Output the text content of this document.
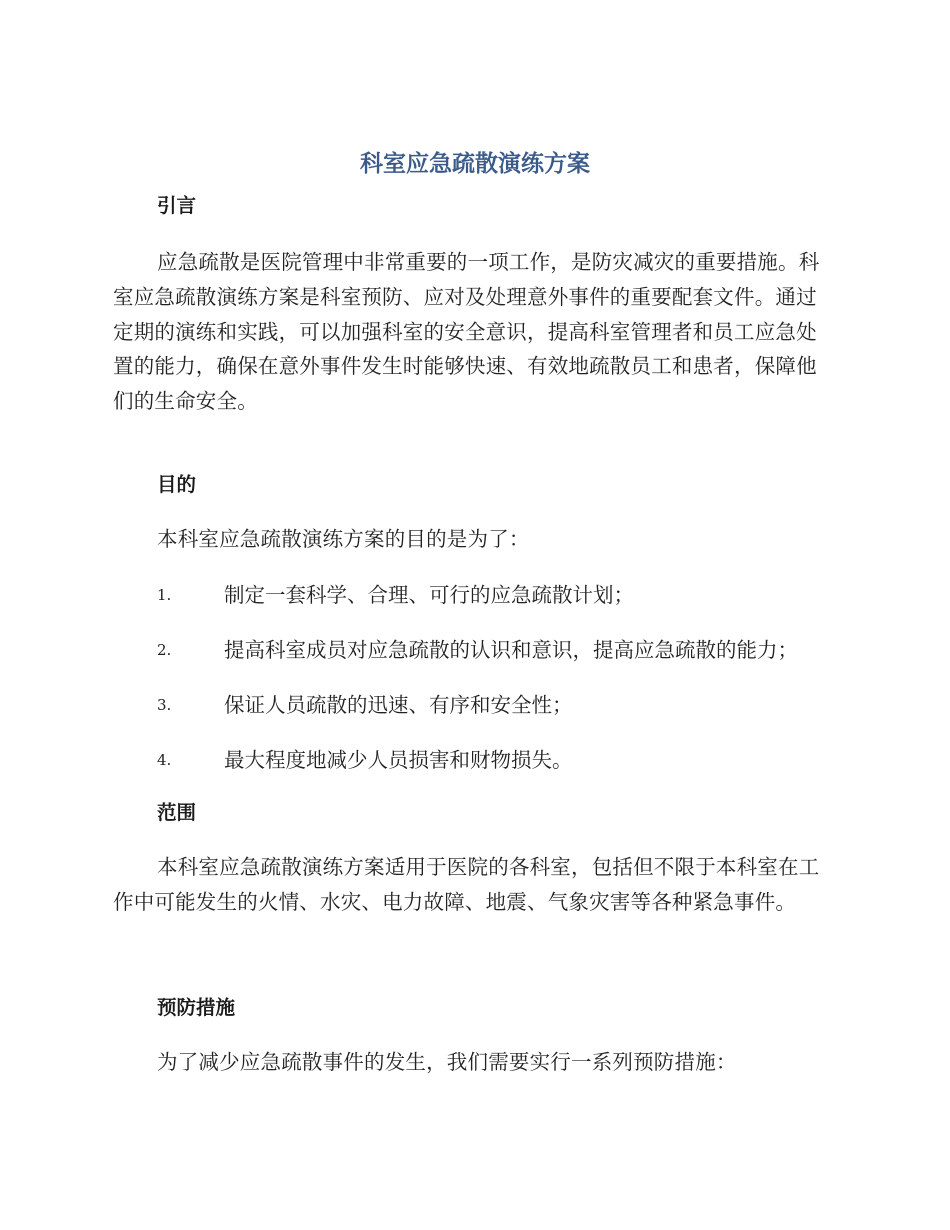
科室应急疏散演练方案
引言
应急疏散是医院管理中非常重要的一项工作，是防灾减灾的重要措施。科室应急疏散演练方案是科室预防、应对及处理意外事件的重要配套文件。通过定期的演练和实践，可以加强科室的安全意识，提高科室管理者和员工应急处置的能力，确保在意外事件发生时能够快速、有效地疏散员工和患者，保障他们的生命安全。
目的
本科室应急疏散演练方案的目的是为了：
1.	制定一套科学、合理、可行的应急疏散计划；
2.	提高科室成员对应急疏散的认识和意识，提高应急疏散的能力；
3.	保证人员疏散的迅速、有序和安全性；
4.	最大程度地减少人员损害和财物损失。
范围
本科室应急疏散演练方案适用于医院的各科室，包括但不限于本科室在工作中可能发生的火情、水灾、电力故障、地震、气象灾害等各种紧急事件。
预防措施
为了减少应急疏散事件的发生，我们需要实行一系列预防措施：
